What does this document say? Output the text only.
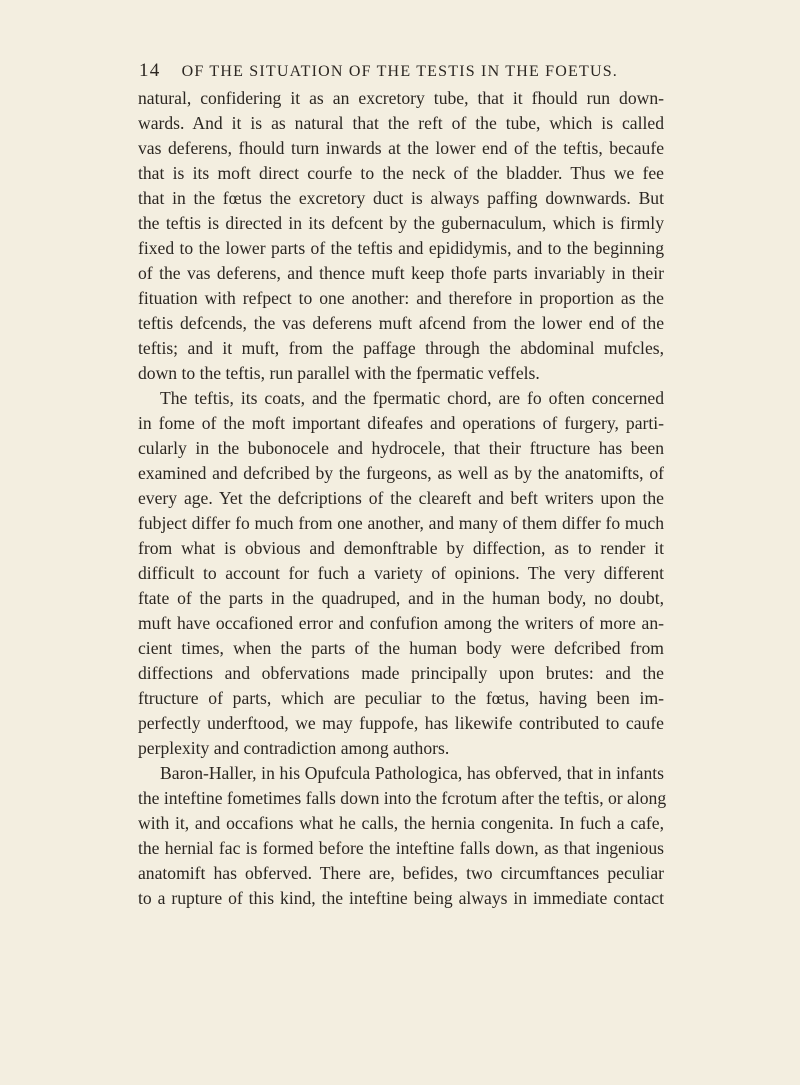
14 OF THE SITUATION OF THE TESTIS IN THE FOETUS.
natural, confidering it as an excretory tube, that it fhould run down-
wards. And it is as natural that the reft of the tube, which is called
vas deferens, fhould turn inwards at the lower end of the teftis, becaufe
that is its moft direct courfe to the neck of the bladder. Thus we fee
that in the fœtus the excretory duct is always paffing downwards. But
the teftis is directed in its defcent by the gubernaculum, which is firmly
fixed to the lower parts of the teftis and epididymis, and to the beginning
of the vas deferens, and thence muft keep thofe parts invariably in their
fituation with refpect to one another: and therefore in proportion as the
teftis defcends, the vas deferens muft afcend from the lower end of the
teftis; and it muft, from the paffage through the abdominal mufcles,
down to the teftis, run parallel with the fpermatic veffels.
The teftis, its coats, and the fpermatic chord, are fo often concerned
in fome of the moft important difeafes and operations of furgery, parti-
cularly in the bubonocele and hydrocele, that their ftructure has been
examined and defcribed by the furgeons, as well as by the anatomifts, of
every age. Yet the defcriptions of the cleareft and beft writers upon the
fubject differ fo much from one another, and many of them differ fo much
from what is obvious and demonftrable by diffection, as to render it
difficult to account for fuch a variety of opinions. The very different
ftate of the parts in the quadruped, and in the human body, no doubt,
muft have occafioned error and confufion among the writers of more an-
cient times, when the parts of the human body were defcribed from
diffections and obfervations made principally upon brutes: and the
ftructure of parts, which are peculiar to the fœtus, having been im-
perfectly underftood, we may fuppofe, has likewife contributed to caufe
perplexity and contradiction among authors.
Baron-Haller, in his Opufcula Pathologica, has obferved, that in infants
the inteftine fometimes falls down into the fcrotum after the teftis, or along
with it, and occafions what he calls, the hernia congenita. In fuch a cafe,
the hernial fac is formed before the inteftine falls down, as that ingenious
anatomift has obferved. There are, befides, two circumftances peculiar
to a rupture of this kind, the inteftine being always in immediate contact
